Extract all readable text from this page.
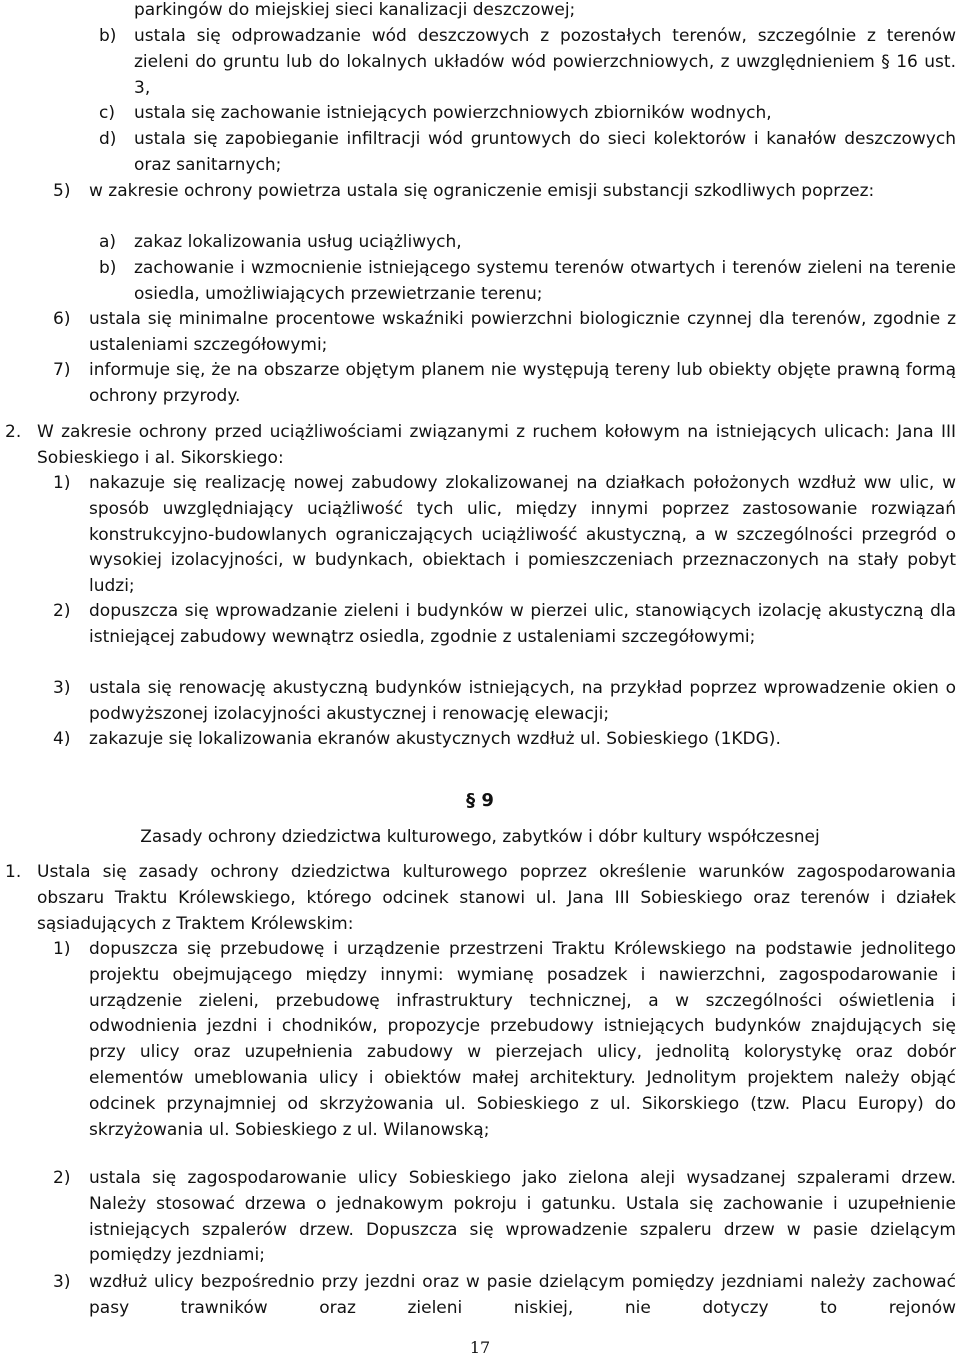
parkingów do miejskiej sieci kanalizacji deszczowej;

b) ustala się odprowadzanie wód deszczowych z pozostałych terenów, szczególnie z terenów zieleni do gruntu lub do lokalnych układów wód powierzchniowych, z uwzględnieniem § 16 ust. 3,

c) ustala się zachowanie istniejących powierzchniowych zbiorników wodnych,

d) ustala się zapobieganie infiltracji wód gruntowych do sieci kolektorów i kanałów deszczowych oraz sanitarnych;

5) w zakresie ochrony powietrza ustala się ograniczenie emisji substancji szkodliwych poprzez:

a) zakaz lokalizowania usług uciążliwych,

b) zachowanie i wzmocnienie istniejącego systemu terenów otwartych i terenów zieleni na terenie osiedla, umożliwiających przewietrzanie terenu;

6) ustala się minimalne procentowe wskaźniki powierzchni biologicznie czynnej dla terenów, zgodnie z ustaleniami szczegółowymi;

7) informuje się, że na obszarze objętym planem nie występują tereny lub obiekty objęte prawną formą ochrony przyrody.

2. W zakresie ochrony przed uciążliwościami związanymi z ruchem kołowym na istniejących ulicach: Jana III Sobieskiego i al. Sikorskiego:

1) nakazuje się realizację nowej zabudowy zlokalizowanej na działkach położonych wzdłuż ww ulic, w sposób uwzględniający uciążliwość tych ulic, między innymi poprzez zastosowanie rozwiązań konstrukcyjno-budowlanych ograniczających uciążliwość akustyczną, a w szczególności przegród o wysokiej izolacyjności, w budynkach, obiektach i pomieszczeniach przeznaczonych na stały pobyt ludzi;

2) dopuszcza się wprowadzanie zieleni i budynków w pierzei ulic, stanowiących izolację akustyczną dla istniejącej zabudowy wewnątrz osiedla, zgodnie z ustaleniami szczegółowymi;

3) ustala się renowację akustyczną budynków istniejących, na przykład poprzez wprowadzenie okien o podwyższonej izolacyjności akustycznej i renowację elewacji;

4) zakazuje się lokalizowania ekranów akustycznych wzdłuż ul. Sobieskiego (1KDG).

§ 9
Zasady ochrony dziedzictwa kulturowego, zabytków i dóbr kultury współczesnej
1. Ustala się zasady ochrony dziedzictwa kulturowego poprzez określenie warunków zagospodarowania obszaru Traktu Królewskiego, którego odcinek stanowi ul. Jana III Sobieskiego oraz terenów i działek sąsiadujących z Traktem Królewskim:

1) dopuszcza się przebudowę i urządzenie przestrzeni Traktu Królewskiego na podstawie jednolitego projektu obejmującego między innymi: wymianę posadzek i nawierzchni, zagospodarowanie i urządzenie zieleni, przebudowę infrastruktury technicznej, a w szczególności oświetlenia i odwodnienia jezdni i chodników, propozycje przebudowy istniejących budynków znajdujących się przy ulicy oraz uzupełnienia zabudowy w pierzejach ulicy, jednolitą kolorystykę oraz dobór elementów umeblowania ulicy i obiektów małej architektury. Jednolitym projektem należy objąć odcinek przynajmniej od skrzyżowania ul. Sobieskiego z ul. Sikorskiego (tzw. Placu Europy) do skrzyżowania ul. Sobieskiego z ul. Wilanowską;

2) ustala się zagospodarowanie ulicy Sobieskiego jako zielona aleji wysadzanej szpalerami drzew. Należy stosować drzewa o jednakowym pokroju i gatunku. Ustala się zachowanie i uzupełnienie istniejących szpalerów drzew. Dopuszcza się wprowadzenie szpaleru drzew w pasie dzielącym pomiędzy jezdniami;

3) wzdłuż ulicy bezpośrednio przy jezdni oraz w pasie dzielącym pomiędzy jezdniami należy zachować pasy trawników oraz zieleni niskiej, nie dotyczy to rejonów

17
